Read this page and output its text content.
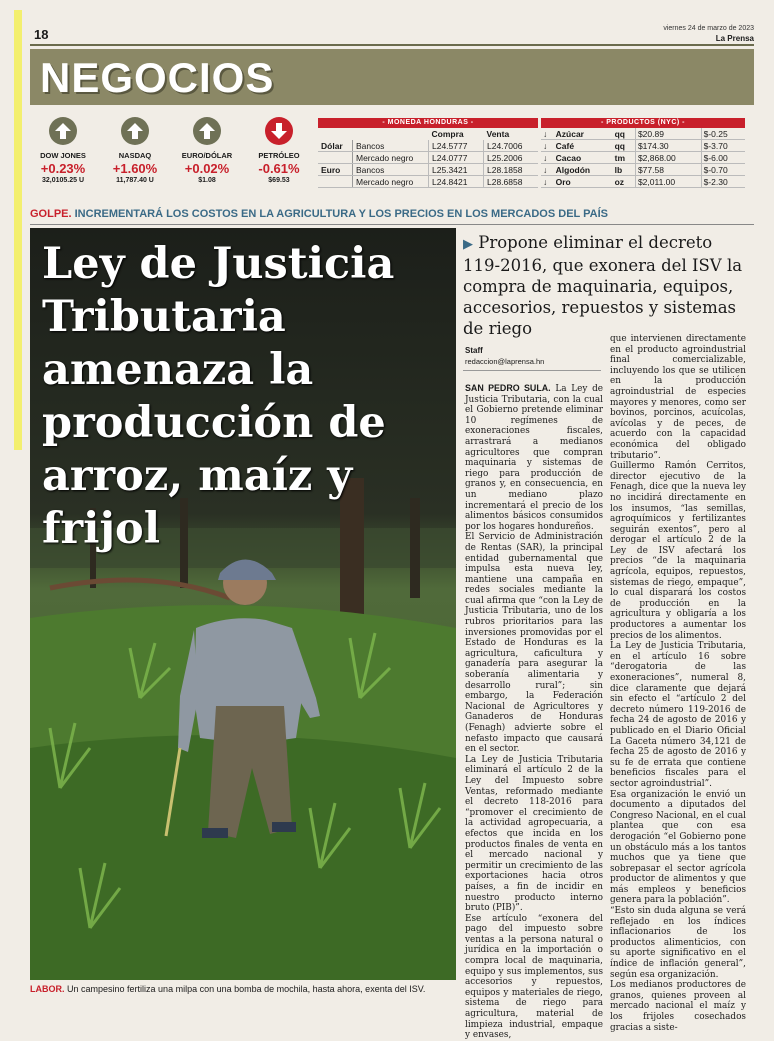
18	viernes 24 de marzo de 2023
La Prensa
NEGOCIOS
DOW JONES
+0.23%
32,0105.25 U
NASDAQ
+1.60%
11,787.40 U
EURO/DÓLAR
+0.02%
$1.08
PETRÓLEO
-0.61%
$69.53
- MONEDA HONDURAS -
		Compra	Venta
Dólar	Bancos	L24.5777	L24.7006
	Mercado negro	L24.0777	L25.2006
Euro	Bancos	L25.3421	L28.1858
	Mercado negro	L24.8421	L28.6858
- PRODUCTOS (NYC) -
↓	Azúcar	qq	$20.89	$-0.25
↓	Café	qq	$174.30	$-3.70
↓	Cacao	tm	$2,868.00	$-6.00
↓	Algodón	lb	$77.58	$-0.70
↓	Oro	oz	$2,011.00	$-2.30
GOLPE. INCREMENTARÁ LOS COSTOS EN LA AGRICULTURA Y LOS PRECIOS EN LOS MERCADOS DEL PAÍS
Ley de Justicia Tributaria amenaza la producción de arroz, maíz y frijol
LABOR. Un campesino fertiliza una milpa con una bomba de mochila, hasta ahora, exenta del ISV.

▶ Propone eliminar el decreto 119-2016, que exonera del ISV la compra de maquinaria, equipos, accesorios, repuestos y sistemas de riego

Staff
redaccion@laprensa.hn

SAN PEDRO SULA. La Ley de Justicia Tributaria, con la cual el Gobierno pretende eliminar 10 regímenes de exoneraciones fiscales, arrastrará a medianos agricultores que compran maquinaria y sistemas de riego para producción de granos y, en consecuencia, en un mediano plazo incrementará el precio de los alimentos básicos consumidos por los hogares hondureños.

El Servicio de Administración de Rentas (SAR), la principal entidad gubernamental que impulsa esta nueva ley, mantiene una campaña en redes sociales mediante la cual afirma que “con la Ley de Justicia Tributaria, uno de los rubros prioritarios para las inversiones promovidas por el Estado de Honduras es la agricultura, caficultura y ganadería para asegurar la soberanía alimentaria y desarrollo rural”; sin embargo, la Federación Nacional de Agricultores y Ganaderos de Honduras (Fenagh) advierte sobre el nefasto impacto que causará en el sector.

La Ley de Justicia Tributaria eliminará el artículo 2 de la Ley del Impuesto sobre Ventas, reformado mediante el decreto 118-2016 para “promover el crecimiento de la actividad agropecuaria, a efectos que incida en los productos finales de venta en el mercado nacional y permitir un crecimiento de las exportaciones hacia otros países, a fin de incidir en nuestro producto interno bruto (PIB)”.

Ese artículo “exonera del pago del impuesto sobre ventas a la persona natural o jurídica en la importación o compra local de maquinaria, equipo y sus implementos, sus accesorios y repuestos, equipos y materiales de riego, sistema de riego para agricultura, material de limpieza industrial, empaque y envases,

que intervienen directamente en el producto agroindustrial final comercializable, incluyendo los que se utilicen en la producción agroindustrial de especies mayores y menores, como ser bovinos, porcinos, acuícolas, avícolas y de peces, de acuerdo con la capacidad económica del obligado tributario”.

Guillermo Ramón Cerritos, director ejecutivo de la Fenagh, dice que la nueva ley no incidirá directamente en los insumos, “las semillas, agroquímicos y fertilizantes seguirán exentos”, pero al derogar el artículo 2 de la Ley de ISV afectará los precios “de la maquinaria agrícola, equipos, repuestos, sistemas de riego, empaque”, lo cual disparará los costos de producción en la agricultura y obligaría a los productores a aumentar los precios de los alimentos.

La Ley de Justicia Tributaria, en el artículo 16 sobre “derogatoria de las exoneraciones”, numeral 8, dice claramente que dejará sin efecto el “artículo 2 del decreto número 119-2016 de fecha 24 de agosto de 2016 y publicado en el Diario Oficial La Gaceta número 34,121 de fecha 25 de agosto de 2016 y su fe de errata que contiene beneficios fiscales para el sector agroindustrial”.

Esa organización le envió un documento a diputados del Congreso Nacional, en el cual plantea que con esa derogación “el Gobierno pone un obstáculo más a los tantos muchos que ya tiene que sobrepasar el sector agrícola productor de alimentos y que más empleos y beneficios genera para la población”.

“Esto sin duda alguna se verá reflejado en los índices inflacionarios de los productos alimenticios, con su aporte significativo en el índice de inflación general”, según esa organización.

Los medianos productores de granos, quienes proveen al mercado nacional el maíz y los frijoles cosechados gracias a siste-
